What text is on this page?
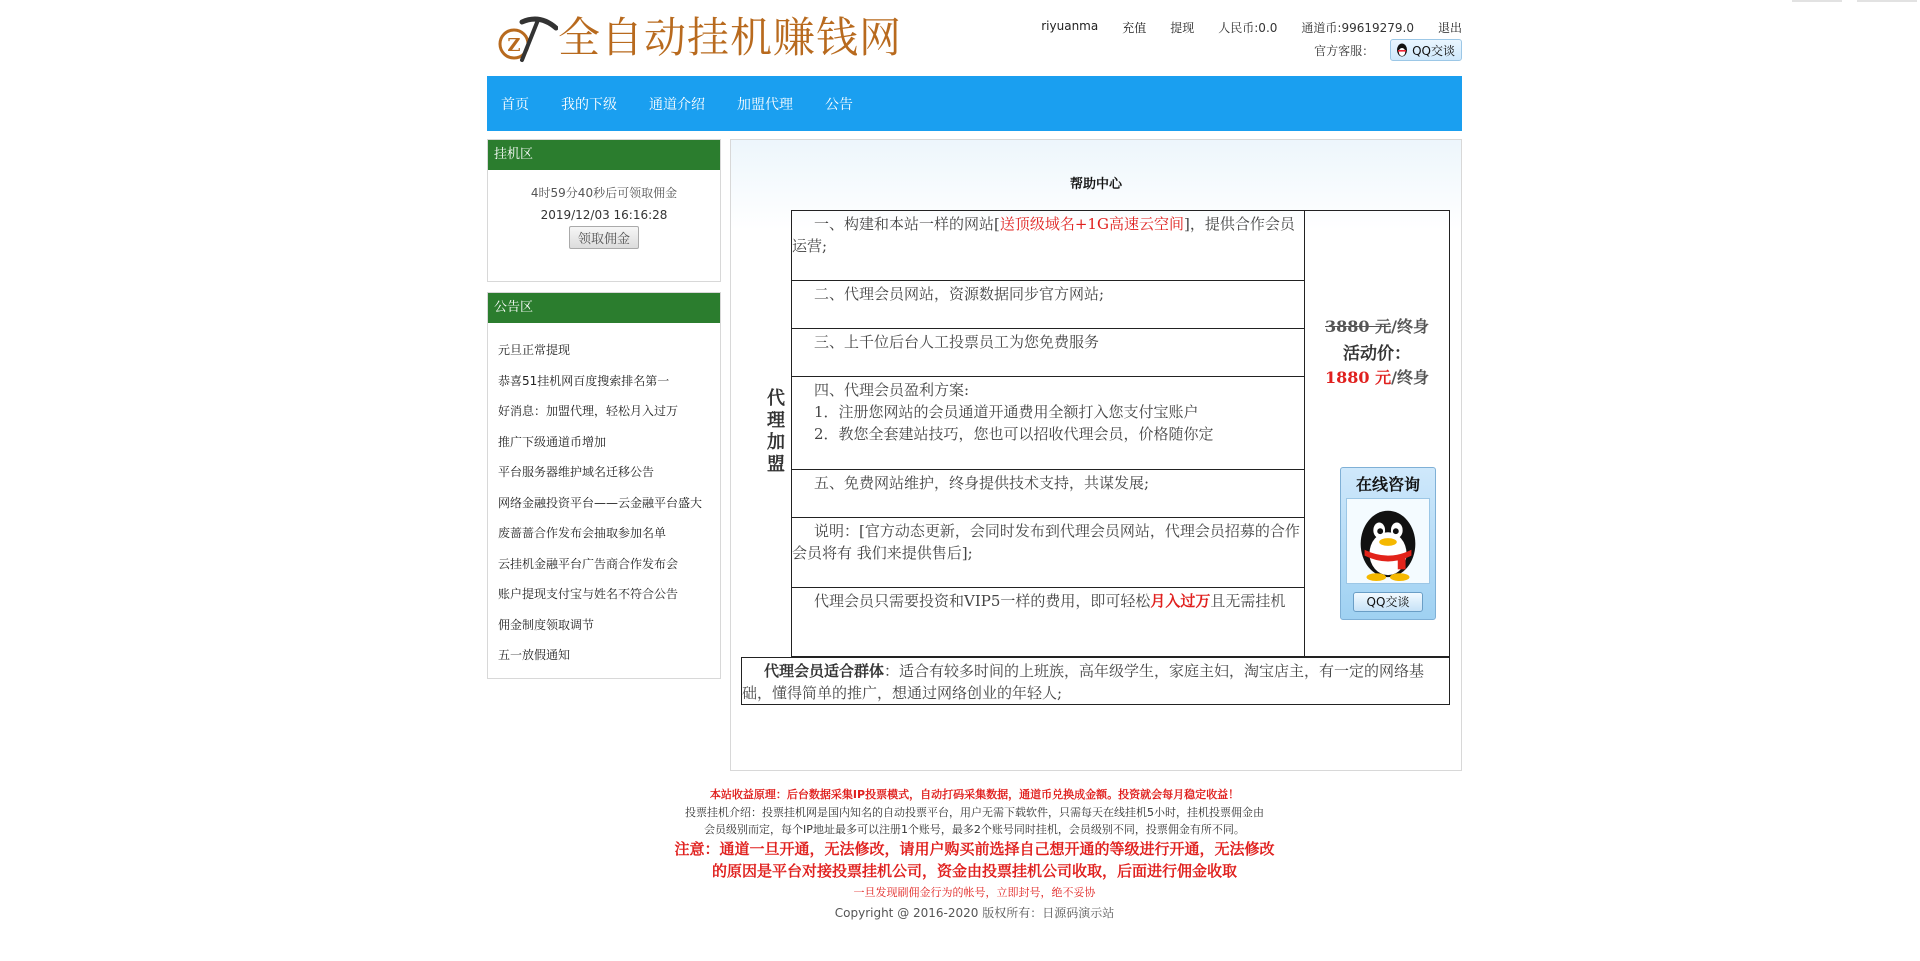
Z 全自动挂机赚钱网	riyuanma 充值 提现 人民币:0.0 通道币:99619279.0 退出
官方客服：	QQ交谈
首页 我的下级 通道介绍 加盟代理 公告
挂机区
4时59分40秒后可领取佣金
2019/12/03 16:16:28
领取佣金
公告区
元旦正常提现
恭喜51挂机网百度搜索排名第一
好消息：加盟代理，轻松月入过万
推广下级通道币增加
平台服务器维护域名迁移公告
网络金融投资平台——云金融平台盛大
废蔷蔷合作发布会抽取参加名单
云挂机金融平台广告商合作发布会
账户提现支付宝与姓名不符合公告
佣金制度领取调节
五一放假通知
帮助中心
代理加盟
一、构建和本站一样的网站[送顶级域名+1G高速云空间]，提供合作会员运营;
二、代理会员网站，资源数据同步官方网站;
三、上千位后台人工投票员工为您免费服务
四、代理会员盈利方案:
1．注册您网站的会员通道开通费用全额打入您支付宝账户
2．教您全套建站技巧，您也可以招收代理会员，价格随你定
五、免费网站维护，终身提供技术支持，共谋发展;
说明：[官方动态更新，会同时发布到代理会员网站，代理会员招募的合作会员将有 我们来提供售后];
代理会员只需要投资和VIP5一样的费用，即可轻松月入过万且无需挂机
3880 元/终身
活动价：
1880 元/终身
在线咨询
QQ交谈
代理会员适合群体：适合有较多时间的上班族，高年级学生，家庭主妇，淘宝店主，有一定的网络基础，懂得简单的推广，想通过网络创业的年轻人;
本站收益原理：后台数据采集IP投票模式，自动打码采集数据，通道币兑换成金额。投资就会每月稳定收益！
投票挂机介绍：投票挂机网是国内知名的自动投票平台，用户无需下载软件，只需每天在线挂机5小时，挂机投票佣金由
会员级别而定，每个IP地址最多可以注册1个账号，最多2个账号同时挂机，会员级别不同，投票佣金有所不同。
注意：通道一旦开通，无法修改，请用户购买前选择自己想开通的等级进行开通，无法修改
的原因是平台对接投票挂机公司，资金由投票挂机公司收取，后面进行佣金收取
一旦发现刷佣金行为的帐号，立即封号，绝不妥协
Copyright @ 2016-2020 版权所有：日源码演示站
